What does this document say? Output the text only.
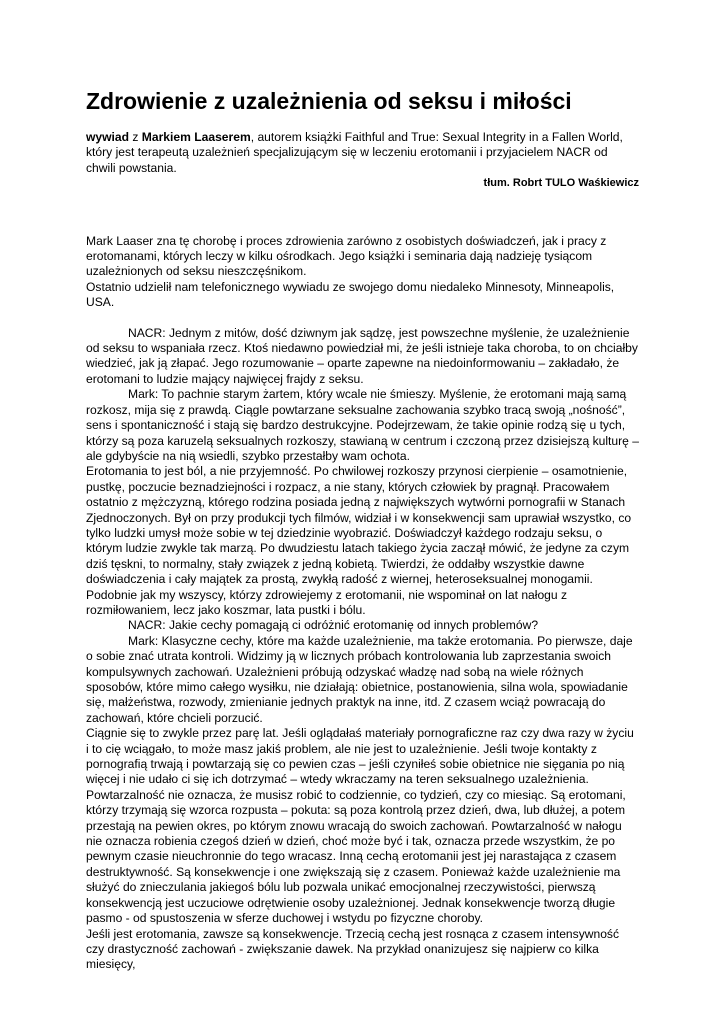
Zdrowienie z uzależnienia od seksu i miłości

wywiad z Markiem Laaserem, autorem książki Faithful and True: Sexual Integrity in a Fallen World, który jest terapeutą uzależnień specjalizującym się w leczeniu erotomanii i przyjacielem NACR od chwili powstania.

tłum. Robrt TULO Waśkiewicz

Mark Laaser zna tę chorobę i proces zdrowienia zarówno z osobistych doświadczeń, jak i pracy z erotomanami, których leczy w kilku ośrodkach. Jego książki i seminaria dają nadzieję tysiącom uzależnionych od seksu nieszczęśnikom.

Ostatnio udzielił nam telefonicznego wywiadu ze swojego domu niedaleko Minnesoty, Minneapolis, USA.

NACR: Jednym z mitów, dość dziwnym jak sądzę, jest powszechne myślenie, że uzależnienie od seksu to wspaniała rzecz. Ktoś niedawno powiedział mi, że jeśli istnieje taka choroba, to on chciałby wiedzieć, jak ją złapać. Jego rozumowanie – oparte zapewne na niedoinformowaniu – zakładało, że erotomani to ludzie mający najwięcej frajdy z seksu.

Mark: To pachnie starym żartem, który wcale nie śmieszy. Myślenie, że erotomani mają samą rozkosz, mija się z prawdą. Ciągle powtarzane seksualne zachowania szybko tracą swoją „nośność”, sens i spontaniczność i stają się bardzo destrukcyjne. Podejrzewam, że takie opinie rodzą się u tych, którzy są poza karuzelą seksualnych rozkoszy, stawianą w centrum i czczoną przez dzisiejszą kulturę – ale gdybyście na nią wsiedli, szybko przestałby wam ochota.

Erotomania to jest ból, a nie przyjemność. Po chwilowej rozkoszy przynosi cierpienie – osamotnienie, pustkę, poczucie beznadziejności i rozpacz, a nie stany, których człowiek by pragnął. Pracowałem ostatnio z mężczyzną, którego rodzina posiada jedną z największych wytwórni pornografii w Stanach Zjednoczonych. Był on przy produkcji tych filmów, widział i w konsekwencji sam uprawiał wszystko, co tylko ludzki umysł może sobie w tej dziedzinie wyobrazić. Doświadczył każdego rodzaju seksu, o którym ludzie zwykle tak marzą. Po dwudziestu latach takiego życia zaczął mówić, że jedyne za czym dziś tęskni, to normalny, stały związek z jedną kobietą. Twierdzi, że oddałby wszystkie dawne doświadczenia i cały majątek za prostą, zwykłą radość z wiernej, heteroseksualnej monogamii. Podobnie jak my wszyscy, którzy zdrowiejemy z erotomanii, nie wspominał on lat nałogu z rozmiłowaniem, lecz jako koszmar, lata pustki i bólu.

NACR: Jakie cechy pomagają ci odróżnić erotomanię od innych problemów?

Mark: Klasyczne cechy, które ma każde uzależnienie, ma także erotomania. Po pierwsze, daje o sobie znać utrata kontroli. Widzimy ją w licznych próbach kontrolowania lub zaprzestania swoich kompulsywnych zachowań. Uzależnieni próbują odzyskać władzę nad sobą na wiele różnych sposobów, które mimo całego wysiłku, nie działają: obietnice, postanowienia, silna wola, spowiadanie się, małżeństwa, rozwody, zmienianie jednych praktyk na inne, itd. Z czasem wciąż powracają do zachowań, które chcieli porzucić.

Ciągnie się to zwykle przez parę lat. Jeśli oglądałaś materiały pornograficzne raz czy dwa razy w życiu i to cię wciągało, to może masz jakiś problem, ale nie jest to uzależnienie. Jeśli twoje kontakty z pornografią trwają i powtarzają się co pewien czas – jeśli czyniłeś sobie obietnice nie sięgania po nią więcej i nie udało ci się ich dotrzymać – wtedy wkraczamy na teren seksualnego uzależnienia. Powtarzalność nie oznacza, że musisz robić to codziennie, co tydzień, czy co miesiąc. Są erotomani, którzy trzymają się wzorca rozpusta – pokuta: są poza kontrolą przez dzień, dwa, lub dłużej, a potem przestają na pewien okres, po którym znowu wracają do swoich zachowań. Powtarzalność w nałogu nie oznacza robienia czegoś dzień w dzień, choć może być i tak, oznacza przede wszystkim, że po pewnym czasie nieuchronnie do tego wracasz. Inną cechą erotomanii jest jej narastająca z czasem destruktywność. Są konsekwencje i one zwiększają się z czasem. Ponieważ każde uzależnienie ma służyć do znieczulania jakiegoś bólu lub pozwala unikać emocjonalnej rzeczywistości, pierwszą konsekwencją jest uczuciowe odrętwienie osoby uzależnionej. Jednak konsekwencje tworzą długie pasmo - od spustoszenia w sferze duchowej i wstydu po fizyczne choroby.

Jeśli jest erotomania, zawsze są konsekwencje. Trzecią cechą jest rosnąca z czasem intensywność czy drastyczność zachowań - zwiększanie dawek. Na przykład onanizujesz się najpierw co kilka miesięcy,
